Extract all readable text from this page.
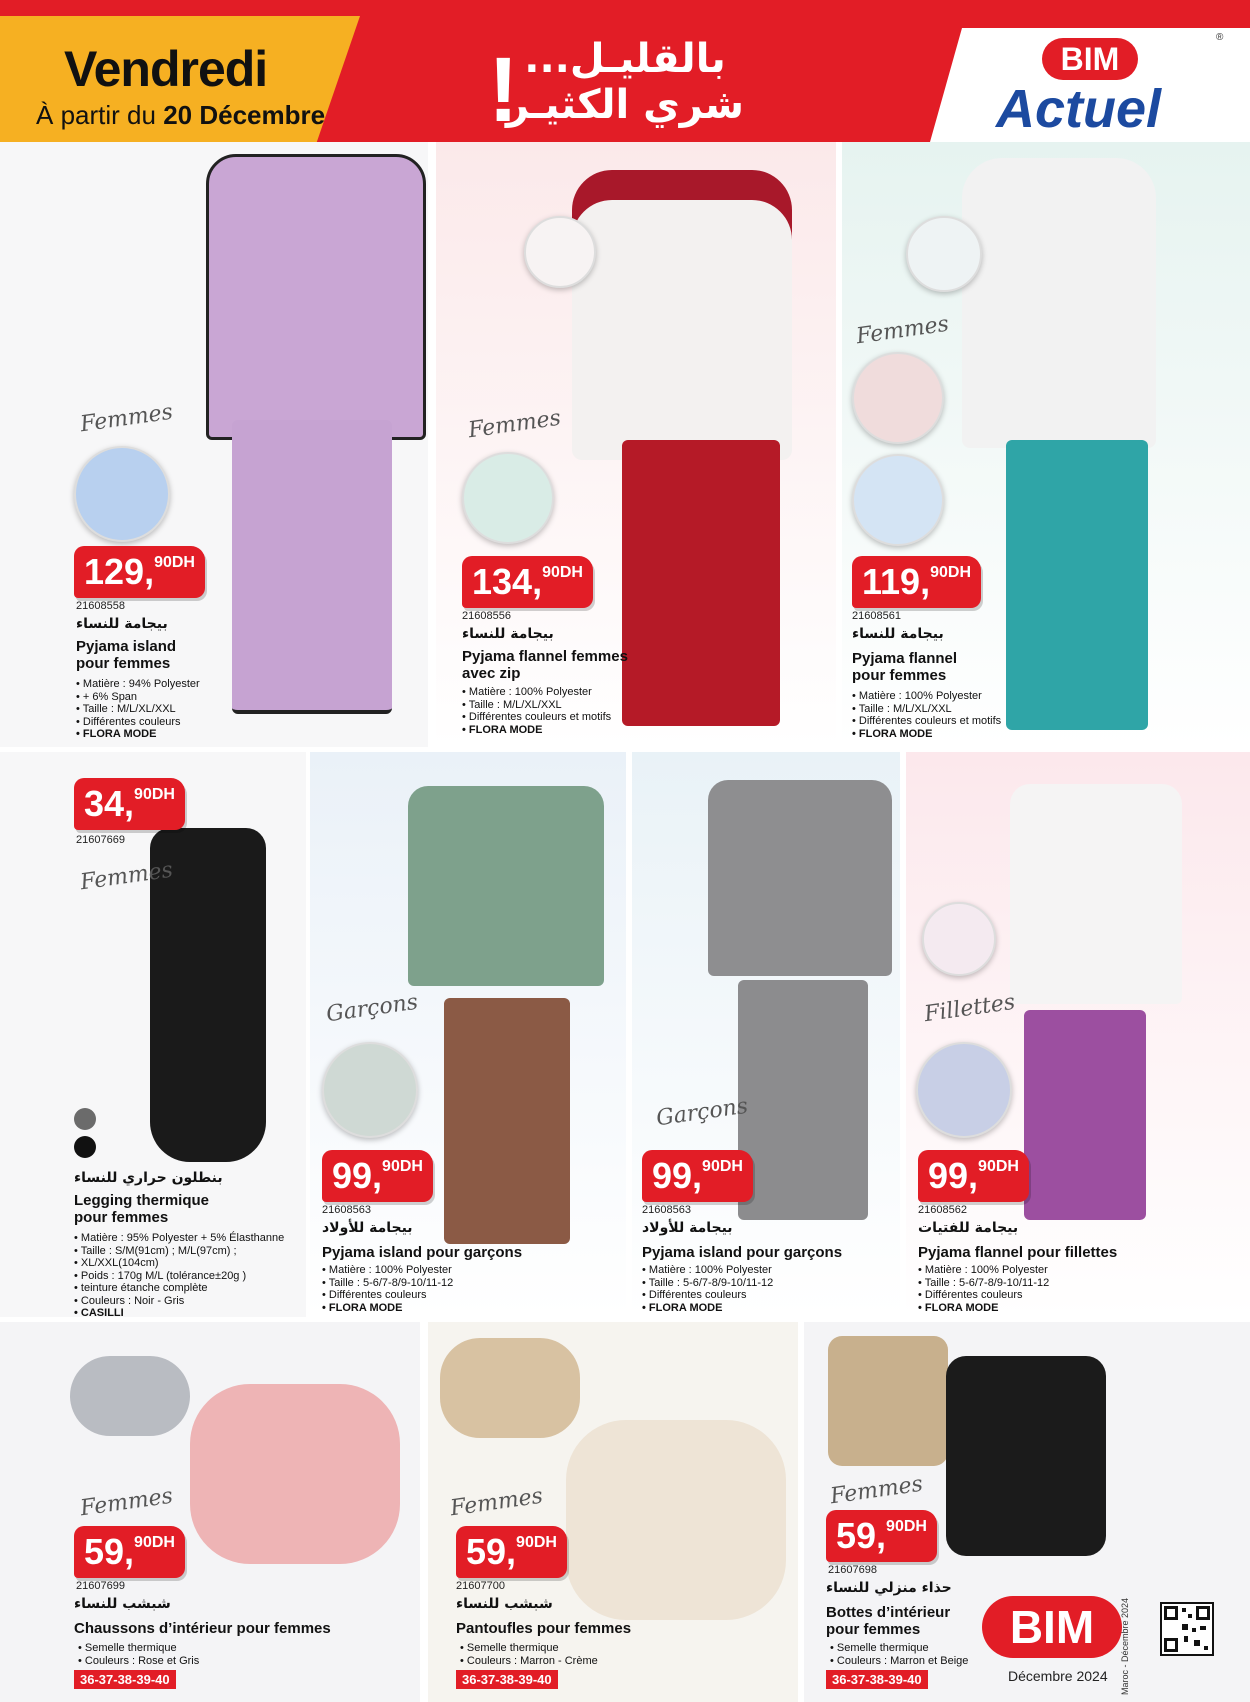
Vendredi
À partir du 20 Décembre ! بالقليـل...
شري الكثيـر
BIM
Actuel
®
Femmes	Femmes
Femmes
Femmes
Garçons
Garçons
Fillettes
Femmes	Femmes	Femmes
129,90DH	134,90DH	119,90DH
34,90DH
99,90DH	99,90DH	99,90DH
59,90DH	59,90DH	59,90DH
21608558
بيجامة للنساء
Pyjama island
pour femmes
• Matière : 94% Polyester
• + 6% Span
• Taille : M/L/XL/XXL
• Différentes couleurs
• FLORA MODE
21608556
بيجامة للنساء
Pyjama flannel femmes
avec zip
• Matière : 100% Polyester
• Taille : M/L/XL/XXL
• Différentes couleurs et motifs
• FLORA MODE
21608561
بيجامة للنساء
Pyjama flannel
pour femmes
• Matière : 100% Polyester
• Taille : M/L/XL/XXL
• Différentes couleurs et motifs
• FLORA MODE
21607669
بنطلون حراري للنساء
Legging thermique
pour femmes
• Matière : 95% Polyester + 5% Élasthanne
• Taille : S/M(91cm) ; M/L(97cm) ;
• XL/XXL(104cm)
• Poids : 170g M/L (tolérance±20g )
• teinture étanche complète
• Couleurs : Noir - Gris
• CASILLI
21608563
بيجامة للأولاد
Pyjama island pour garçons
• Matière : 100% Polyester
• Taille : 5-6/7-8/9-10/11-12
• Différentes couleurs
• FLORA MODE
21608563
بيجامة للأولاد
Pyjama island pour garçons
• Matière : 100% Polyester
• Taille : 5-6/7-8/9-10/11-12
• Différentes couleurs
• FLORA MODE
21608562
بيجامة للفتيات
Pyjama flannel pour fillettes
• Matière : 100% Polyester
• Taille : 5-6/7-8/9-10/11-12
• Différentes couleurs
• FLORA MODE
21607699
شبشب للنساء
Chaussons d’intérieur pour femmes
• Semelle thermique
• Couleurs : Rose et Gris
36-37-38-39-40
21607700
شبشب للنساء
Pantoufles pour femmes
• Semelle thermique
• Couleurs : Marron - Crème
36-37-38-39-40
21607698
حذاء منزلي للنساء
Bottes d’intérieur
pour femmes
• Semelle thermique
• Couleurs : Marron et Beige
36-37-38-39-40
BIM
Décembre 2024 Maroc - Décembre 2024
